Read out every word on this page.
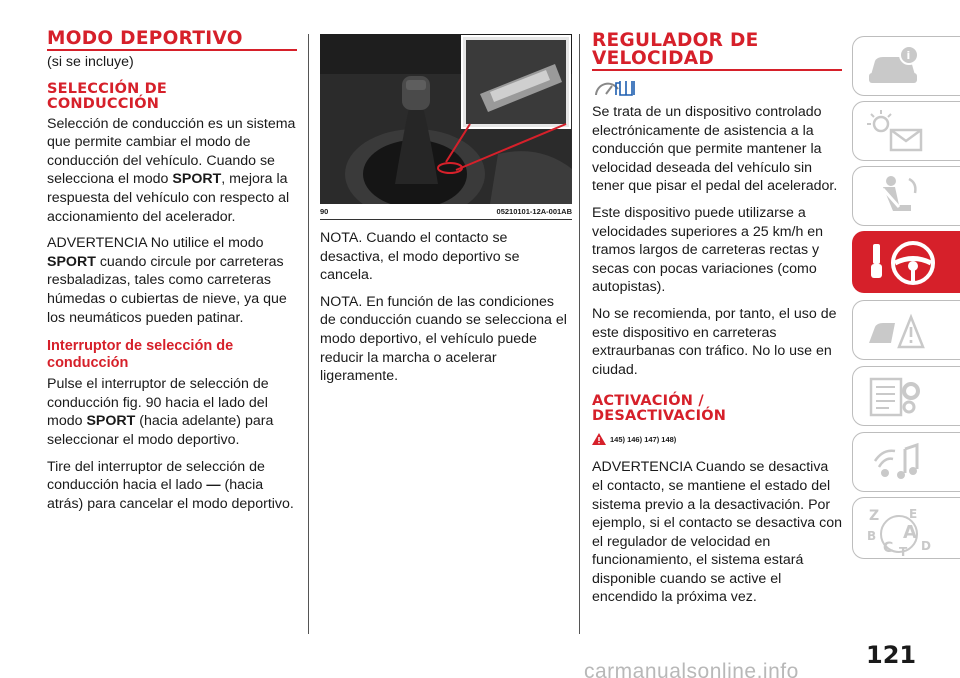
MODO DEPORTIVO

(si se incluye)

SELECCIÓN DE CONDUCCIÓN

Selección de conducción es un sistema que permite cambiar el modo de conducción del vehículo. Cuando se selecciona el modo SPORT, mejora la respuesta del vehículo con respecto al accionamiento del acelerador.

ADVERTENCIA No utilice el modo SPORT cuando circule por carreteras resbaladizas, tales como carreteras húmedas o cubiertas de nieve, ya que los neumáticos pueden patinar.

Interruptor de selección de conducción

Pulse el interruptor de selección de conducción fig. 90 hacia el lado del modo SPORT (hacia adelante) para seleccionar el modo deportivo.

Tire del interruptor de selección de conducción hacia el lado — (hacia atrás) para cancelar el modo deportivo.

90	05210101-12A-001AB

NOTA. Cuando el contacto se desactiva, el modo deportivo se cancela.

NOTA. En función de las condiciones de conducción cuando se selecciona el modo deportivo, el vehículo puede reducir la marcha o acelerar ligeramente.

REGULADOR DE VELOCIDAD

Se trata de un dispositivo controlado electrónicamente de asistencia a la conducción que permite mantener la velocidad deseada del vehículo sin tener que pisar el pedal del acelerador.

Este dispositivo puede utilizarse a velocidades superiores a 25 km/h en tramos largos de carreteras rectas y secas con pocas variaciones (como autopistas).

No se recomienda, por tanto, el uso de este dispositivo en carreteras extraurbanas con tráfico. No lo use en ciudad.

ACTIVACIÓN / DESACTIVACIÓN
145) 146) 147) 148)

ADVERTENCIA Cuando se desactiva el contacto, se mantiene el estado del sistema previo a la desactivación. Por ejemplo, si el contacto se desactiva con el regulador de velocidad en funcionamiento, el sistema estará disponible cuando se active el encendido la próxima vez.

i
Z E
B A
C T D
121
carmanualsonline.info
